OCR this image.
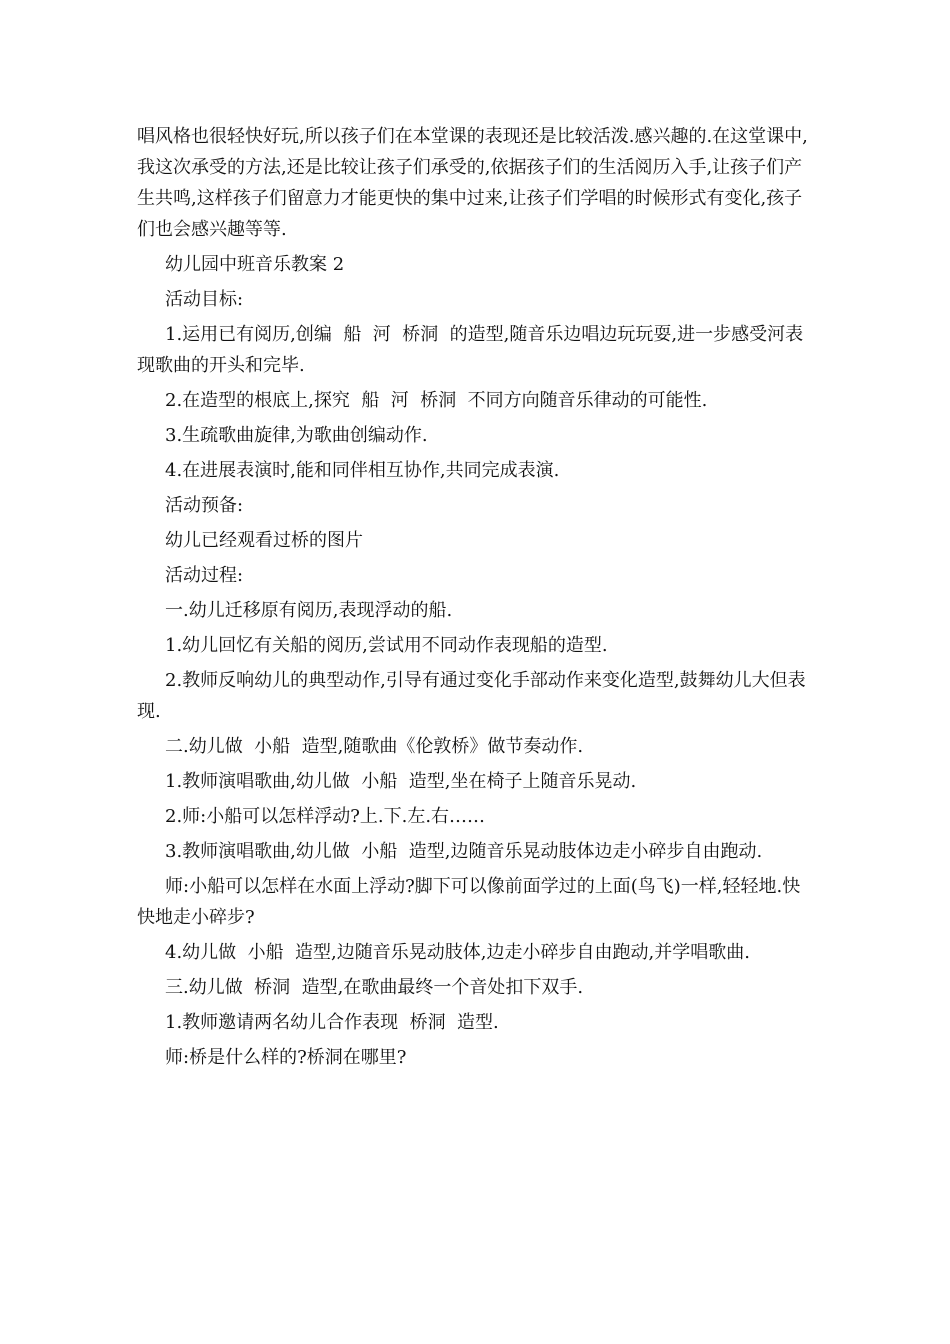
唱风格也很轻快好玩,所以孩子们在本堂课的表现还是比较活泼.感兴趣的.在这堂课中,我这次承受的方法,还是比较让孩子们承受的,依据孩子们的生活阅历入手,让孩子们产生共鸣,这样孩子们留意力才能更快的集中过来,让孩子们学唱的时候形式有变化,孩子们也会感兴趣等等.

幼儿园中班音乐教案 2

活动目标:

1.运用已有阅历,创编  船  河  桥洞  的造型,随音乐边唱边玩玩耍,进一步感受河表现歌曲的开头和完毕.

2.在造型的根底上,探究  船  河  桥洞  不同方向随音乐律动的可能性.

3.生疏歌曲旋律,为歌曲创编动作.

4.在进展表演时,能和同伴相互协作,共同完成表演.

活动预备:

幼儿已经观看过桥的图片

活动过程:

一.幼儿迁移原有阅历,表现浮动的船.

1.幼儿回忆有关船的阅历,尝试用不同动作表现船的造型.

2.教师反响幼儿的典型动作,引导有通过变化手部动作来变化造型,鼓舞幼儿大但表现.

二.幼儿做  小船  造型,随歌曲《伦敦桥》做节奏动作.

1.教师演唱歌曲,幼儿做  小船  造型,坐在椅子上随音乐晃动.

2.师:小船可以怎样浮动?上.下.左.右……

3.教师演唱歌曲,幼儿做  小船  造型,边随音乐晃动肢体边走小碎步自由跑动.

师:小船可以怎样在水面上浮动?脚下可以像前面学过的上面(鸟飞)一样,轻轻地.快快地走小碎步?

4.幼儿做  小船  造型,边随音乐晃动肢体,边走小碎步自由跑动,并学唱歌曲.

三.幼儿做  桥洞  造型,在歌曲最终一个音处扣下双手.

1.教师邀请两名幼儿合作表现  桥洞  造型.

师:桥是什么样的?桥洞在哪里?
